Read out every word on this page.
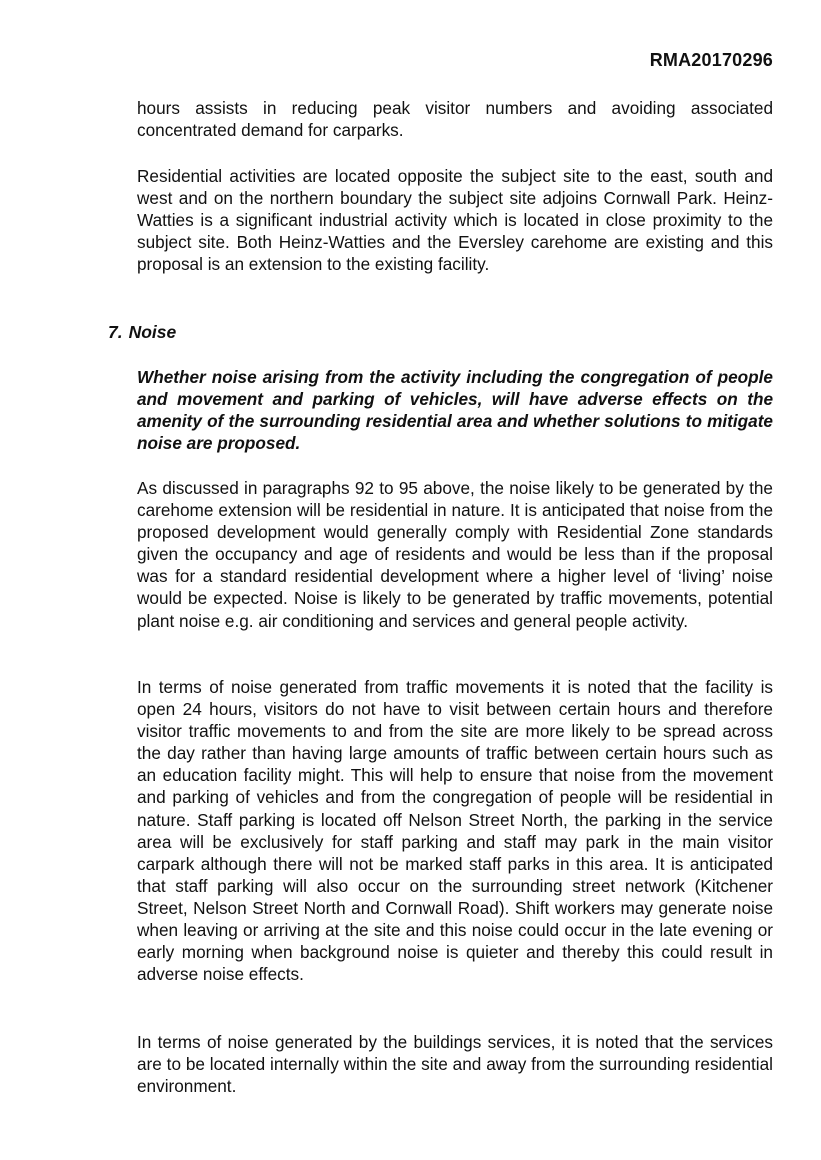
RMA20170296

hours assists in reducing peak visitor numbers and avoiding associated concentrated demand for carparks.

Residential activities are located opposite the subject site to the east, south and west and on the northern boundary the subject site adjoins Cornwall Park. Heinz-Watties is a significant industrial activity which is located in close proximity to the subject site. Both Heinz-Watties and the Eversley carehome are existing and this proposal is an extension to the existing facility.

7. Noise

Whether noise arising from the activity including the congregation of people and movement and parking of vehicles, will have adverse effects on the amenity of the surrounding residential area and whether solutions to mitigate noise are proposed.

As discussed in paragraphs 92 to 95 above, the noise likely to be generated by the carehome extension will be residential in nature. It is anticipated that noise from the proposed development would generally comply with Residential Zone standards given the occupancy and age of residents and would be less than if the proposal was for a standard residential development where a higher level of ‘living’ noise would be expected. Noise is likely to be generated by traffic movements, potential plant noise e.g. air conditioning and services and general people activity.

In terms of noise generated from traffic movements it is noted that the facility is open 24 hours, visitors do not have to visit between certain hours and therefore visitor traffic movements to and from the site are more likely to be spread across the day rather than having large amounts of traffic between certain hours such as an education facility might. This will help to ensure that noise from the movement and parking of vehicles and from the congregation of people will be residential in nature. Staff parking is located off Nelson Street North, the parking in the service area will be exclusively for staff parking and staff may park in the main visitor carpark although there will not be marked staff parks in this area. It is anticipated that staff parking will also occur on the surrounding street network (Kitchener Street, Nelson Street North and Cornwall Road). Shift workers may generate noise when leaving or arriving at the site and this noise could occur in the late evening or early morning when background noise is quieter and thereby this could result in adverse noise effects.

In terms of noise generated by the buildings services, it is noted that the services are to be located internally within the site and away from the surrounding residential environment.
